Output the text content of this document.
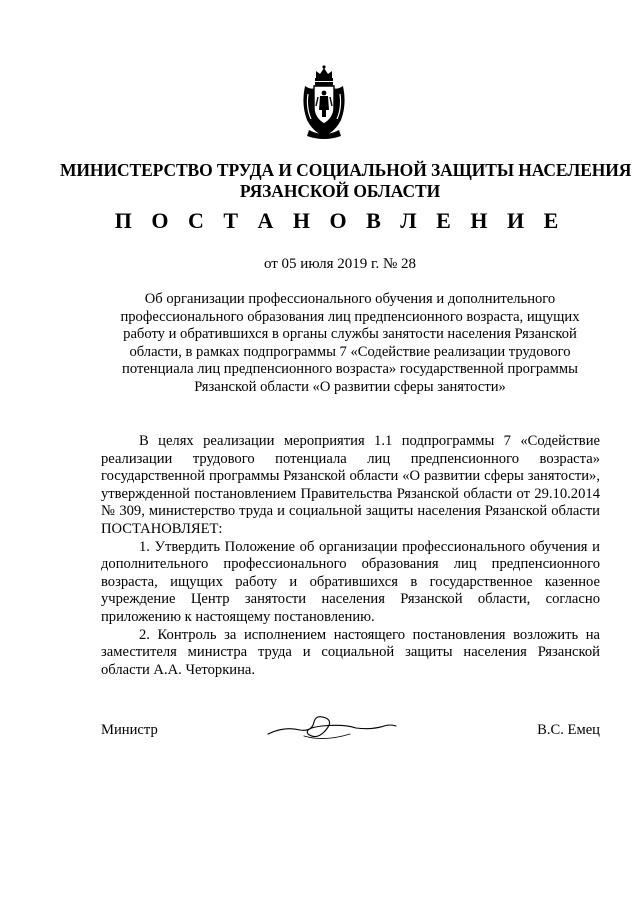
МИНИСТЕРСТВО ТРУДА И СОЦИАЛЬНОЙ ЗАЩИТЫ НАСЕЛЕНИЯ
РЯЗАНСКОЙ ОБЛАСТИ
П О С Т А Н О В Л Е Н И Е
от 05 июля 2019 г. № 28
Об организации профессионального обучения и дополнительного
профессионального образования лиц предпенсионного возраста, ищущих
работу и обратившихся в органы службы занятости населения Рязанской
области, в рамках подпрограммы 7 «Содействие реализации трудового
потенциала лиц предпенсионного возраста» государственной программы
Рязанской области «О развитии сферы занятости»

В целях реализации мероприятия 1.1 подпрограммы 7 «Содействие реализации трудового потенциала лиц предпенсионного возраста» государственной программы Рязанской области «О развитии сферы занятости», утвержденной постановлением Правительства Рязанской области от 29.10.2014 № 309, министерство труда и социальной защиты населения Рязанской области ПОСТАНОВЛЯЕТ:

1. Утвердить Положение об организации профессионального обучения и дополнительного профессионального образования лиц предпенсионного возраста, ищущих работу и обратившихся в государственное казенное учреждение Центр занятости населения Рязанской области, согласно приложению к настоящему постановлению.

2. Контроль за исполнением настоящего постановления возложить на заместителя министра труда и социальной защиты населения Рязанской области А.А. Четоркина.

Министр	В.С. Емец
